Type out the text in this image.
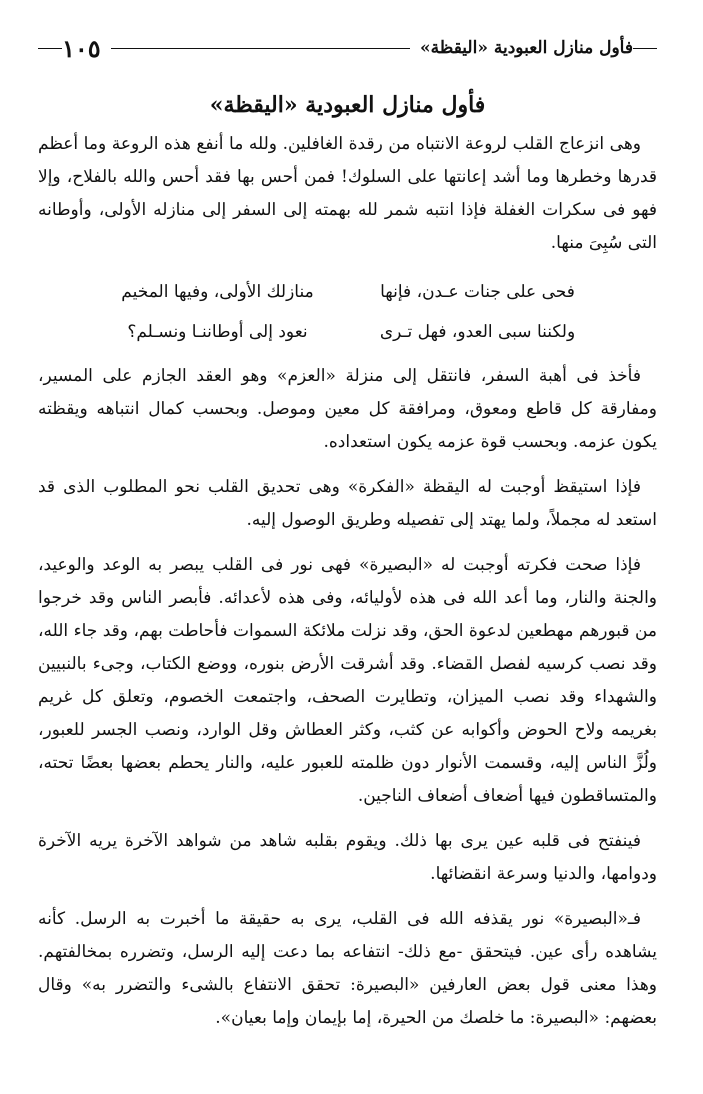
فأول منازل العبودية «اليقظة»
١٠٥
فأول منازل العبودية «اليقظة»

وهى انزعاج القلب لروعة الانتباه من رقدة الغافلين. ولله ما أنفع هذه الروعة وما أعظم قدرها وخطرها وما أشد إعانتها على السلوك! فمن أحس بها فقد أحس والله بالفلاح، وإلا فهو فى سكرات الغفلة فإذا انتبه شمر لله بهمته إلى السفر إلى منازله الأولى، وأوطانه التى سُبِىَ منها.

فحى على جنات عـدن، فإنها
منازلك الأولى، وفيها المخيم
ولكننا سبى العدو، فهل تـرى
نعود إلى أوطاننـا ونسـلم؟

فأخذ فى أهبة السفر، فانتقل إلى منزلة «العزم» وهو العقد الجازم على المسير، ومفارقة كل قاطع ومعوق، ومرافقة كل معين وموصل. وبحسب كمال انتباهه ويقظته يكون عزمه. وبحسب قوة عزمه يكون استعداده.

فإذا استيقظ أوجبت له اليقظة «الفكرة» وهى تحديق القلب نحو المطلوب الذى قد استعد له مجملاً، ولما يهتد إلى تفصيله وطريق الوصول إليه.

فإذا صحت فكرته أوجبت له «البصيرة» فهى نور فى القلب يبصر به الوعد والوعيد، والجنة والنار، وما أعد الله فى هذه لأوليائه، وفى هذه لأعدائه. فأبصر الناس وقد خرجوا من قبورهم مهطعين لدعوة الحق، وقد نزلت ملائكة السموات فأحاطت بهم، وقد جاء الله، وقد نصب كرسيه لفصل القضاء. وقد أشرقت الأرض بنوره، ووضع الكتاب، وجىء بالنبيين والشهداء وقد نصب الميزان، وتطايرت الصحف، واجتمعت الخصوم، وتعلق كل غريم بغريمه ولاح الحوض وأكوابه عن كثب، وكثر العطاش وقل الوارد، ونصب الجسر للعبور، ولُزَّ الناس إليه، وقسمت الأنوار دون ظلمته للعبور عليه، والنار يحطم بعضها بعضًا تحته، والمتساقطون فيها أضعاف أضعاف الناجين.

فينفتح فى قلبه عين يرى بها ذلك. ويقوم بقلبه شاهد من شواهد الآخرة يريه الآخرة ودوامها، والدنيا وسرعة انقضائها.

فـ«البصيرة» نور يقذفه الله فى القلب، يرى به حقيقة ما أخبرت به الرسل. كأنه يشاهده رأى عين. فيتحقق -مع ذلك- انتفاعه بما دعت إليه الرسل، وتضرره بمخالفتهم. وهذا معنى قول بعض العارفين «البصيرة: تحقق الانتفاع بالشىء والتضرر به» وقال بعضهم: «البصيرة: ما خلصك من الحيرة، إما بإيمان وإما بعيان».
